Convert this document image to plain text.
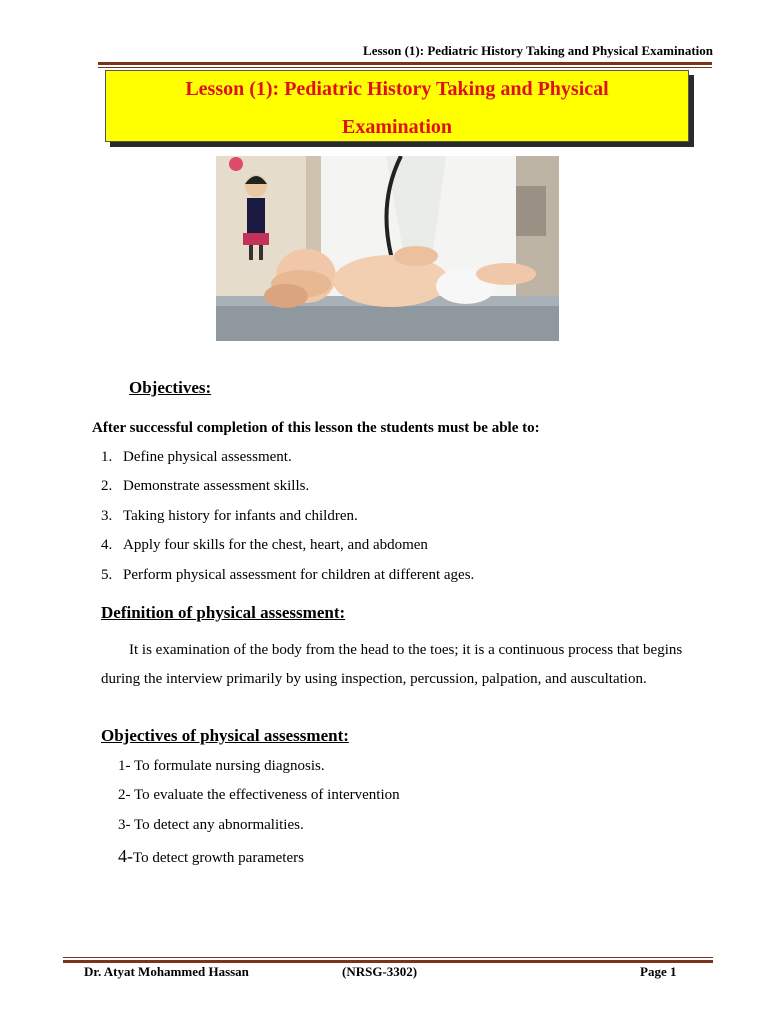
Lesson (1): Pediatric History Taking and Physical Examination
Lesson (1): Pediatric History Taking and Physical
Examination
Objectives:
After successful completion of this lesson the students must be able to:
1. Define physical assessment.
2. Demonstrate assessment skills.
3. Taking history for infants and children.
4. Apply four skills for the chest, heart, and abdomen
5. Perform physical assessment for children at different ages.
Definition of physical assessment:
It is examination of the body from the head to the toes; it is a continuous process that begins during the interview primarily by using inspection, percussion, palpation, and auscultation.
Objectives of physical assessment:
1- To formulate nursing diagnosis.
2- To evaluate the effectiveness of intervention
3- To detect any abnormalities.
4-To detect growth parameters
Dr. Atyat Mohammed Hassan	(NRSG-3302)	Page 1
